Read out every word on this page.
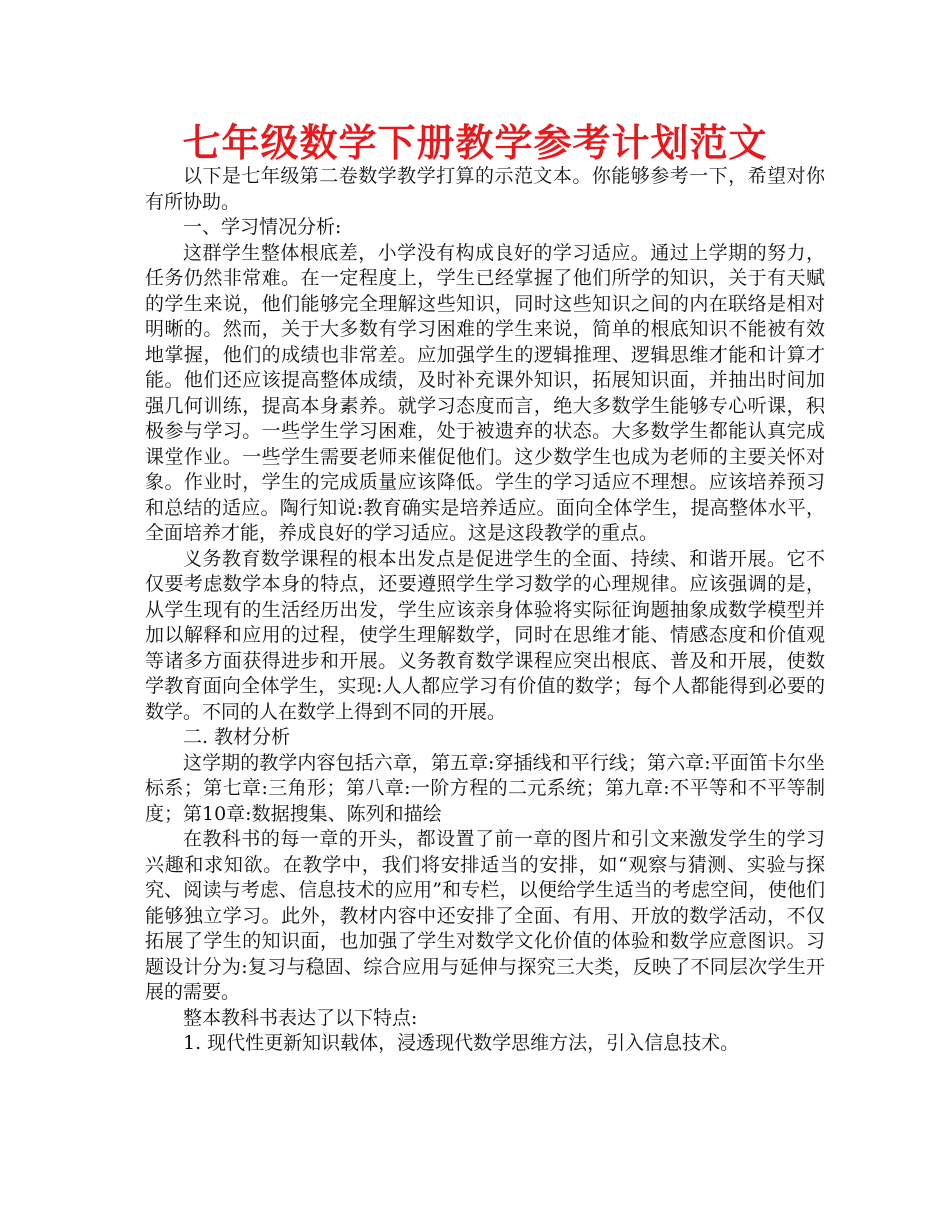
七年级数学下册教学参考计划范文

以下是七年级第二卷数学教学打算的示范文本。你能够参考一下，希望对你有所协助。

一、学习情况分析:

这群学生整体根底差，小学没有构成良好的学习适应。通过上学期的努力，任务仍然非常难。在一定程度上，学生已经掌握了他们所学的知识，关于有天赋的学生来说，他们能够完全理解这些知识，同时这些知识之间的内在联络是相对明晰的。然而，关于大多数有学习困难的学生来说，简单的根底知识不能被有效地掌握，他们的成绩也非常差。应加强学生的逻辑推理、逻辑思维才能和计算才能。他们还应该提高整体成绩，及时补充课外知识，拓展知识面，并抽出时间加强几何训练，提高本身素养。就学习态度而言，绝大多数学生能够专心听课，积极参与学习。一些学生学习困难，处于被遗弃的状态。大多数学生都能认真完成课堂作业。一些学生需要老师来催促他们。这少数学生也成为老师的主要关怀对象。作业时，学生的完成质量应该降低。学生的学习适应不理想。应该培养预习和总结的适应。陶行知说:教育确实是培养适应。面向全体学生，提高整体水平，全面培养才能，养成良好的学习适应。这是这段教学的重点。

义务教育数学课程的根本出发点是促进学生的全面、持续、和谐开展。它不仅要考虑数学本身的特点，还要遵照学生学习数学的心理规律。应该强调的是，从学生现有的生活经历出发，学生应该亲身体验将实际征询题抽象成数学模型并加以解释和应用的过程，使学生理解数学，同时在思维才能、情感态度和价值观等诸多方面获得进步和开展。义务教育数学课程应突出根底、普及和开展，使数学教育面向全体学生，实现:人人都应学习有价值的数学；每个人都能得到必要的数学。不同的人在数学上得到不同的开展。

二. 教材分析

这学期的教学内容包括六章，第五章:穿插线和平行线；第六章:平面笛卡尔坐标系；第七章:三角形；第八章:一阶方程的二元系统；第九章:不平等和不平等制度；第10章:数据搜集、陈列和描绘

在教科书的每一章的开头，都设置了前一章的图片和引文来激发学生的学习兴趣和求知欲。在教学中，我们将安排适当的安排，如“观察与猜测、实验与探究、阅读与考虑、信息技术的应用”和专栏，以便给学生适当的考虑空间，使他们能够独立学习。此外，教材内容中还安排了全面、有用、开放的数学活动，不仅拓展了学生的知识面，也加强了学生对数学文化价值的体验和数学应意图识。习题设计分为:复习与稳固、综合应用与延伸与探究三大类，反映了不同层次学生开展的需要。

整本教科书表达了以下特点:

1. 现代性更新知识载体，浸透现代数学思维方法，引入信息技术。
